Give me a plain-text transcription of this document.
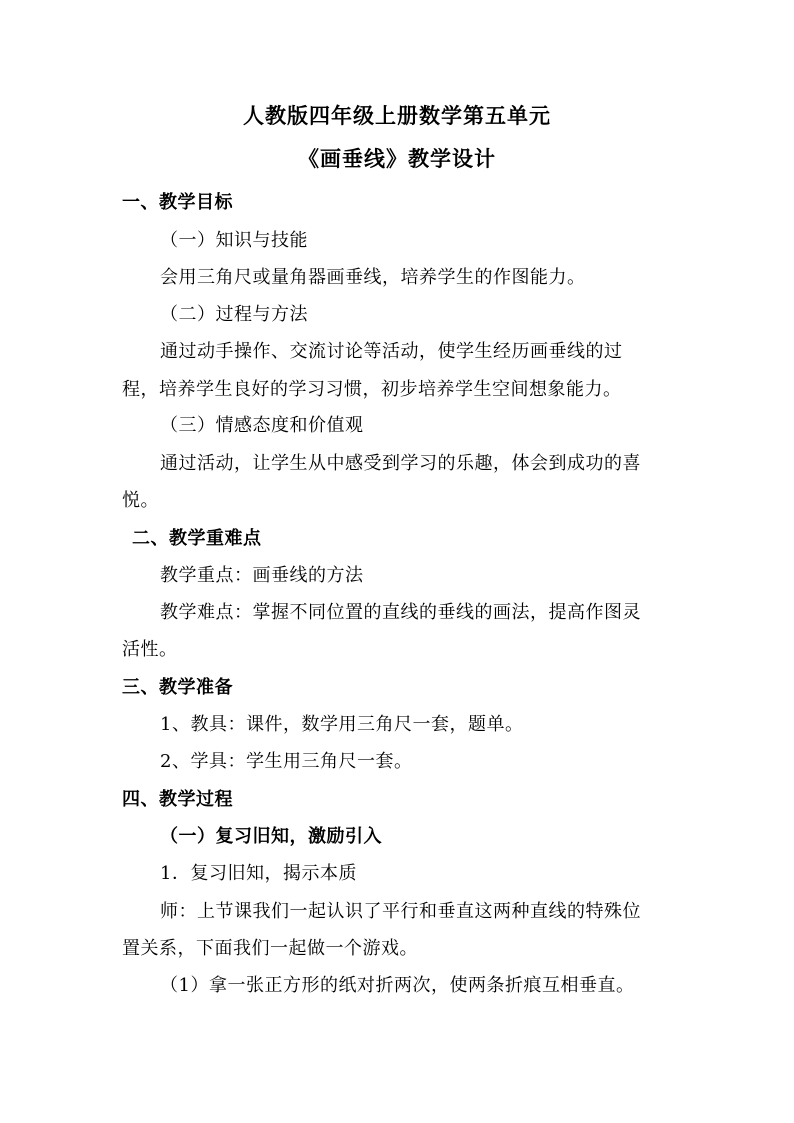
人教版四年级上册数学第五单元
《画垂线》教学设计
一、教学目标
（一）知识与技能
会用三角尺或量角器画垂线，培养学生的作图能力。
（二）过程与方法
通过动手操作、交流讨论等活动，使学生经历画垂线的过
程，培养学生良好的学习习惯，初步培养学生空间想象能力。
（三）情感态度和价值观
通过活动，让学生从中感受到学习的乐趣，体会到成功的喜
悦。
二、教学重难点
教学重点：画垂线的方法
教学难点：掌握不同位置的直线的垂线的画法，提高作图灵
活性。
三、教学准备
1、教具：课件，数学用三角尺一套，题单。
2、学具：学生用三角尺一套。
四、教学过程
（一）复习旧知，激励引入
1．复习旧知，揭示本质
师：上节课我们一起认识了平行和垂直这两种直线的特殊位
置关系，下面我们一起做一个游戏。
（1）拿一张正方形的纸对折两次，使两条折痕互相垂直。
